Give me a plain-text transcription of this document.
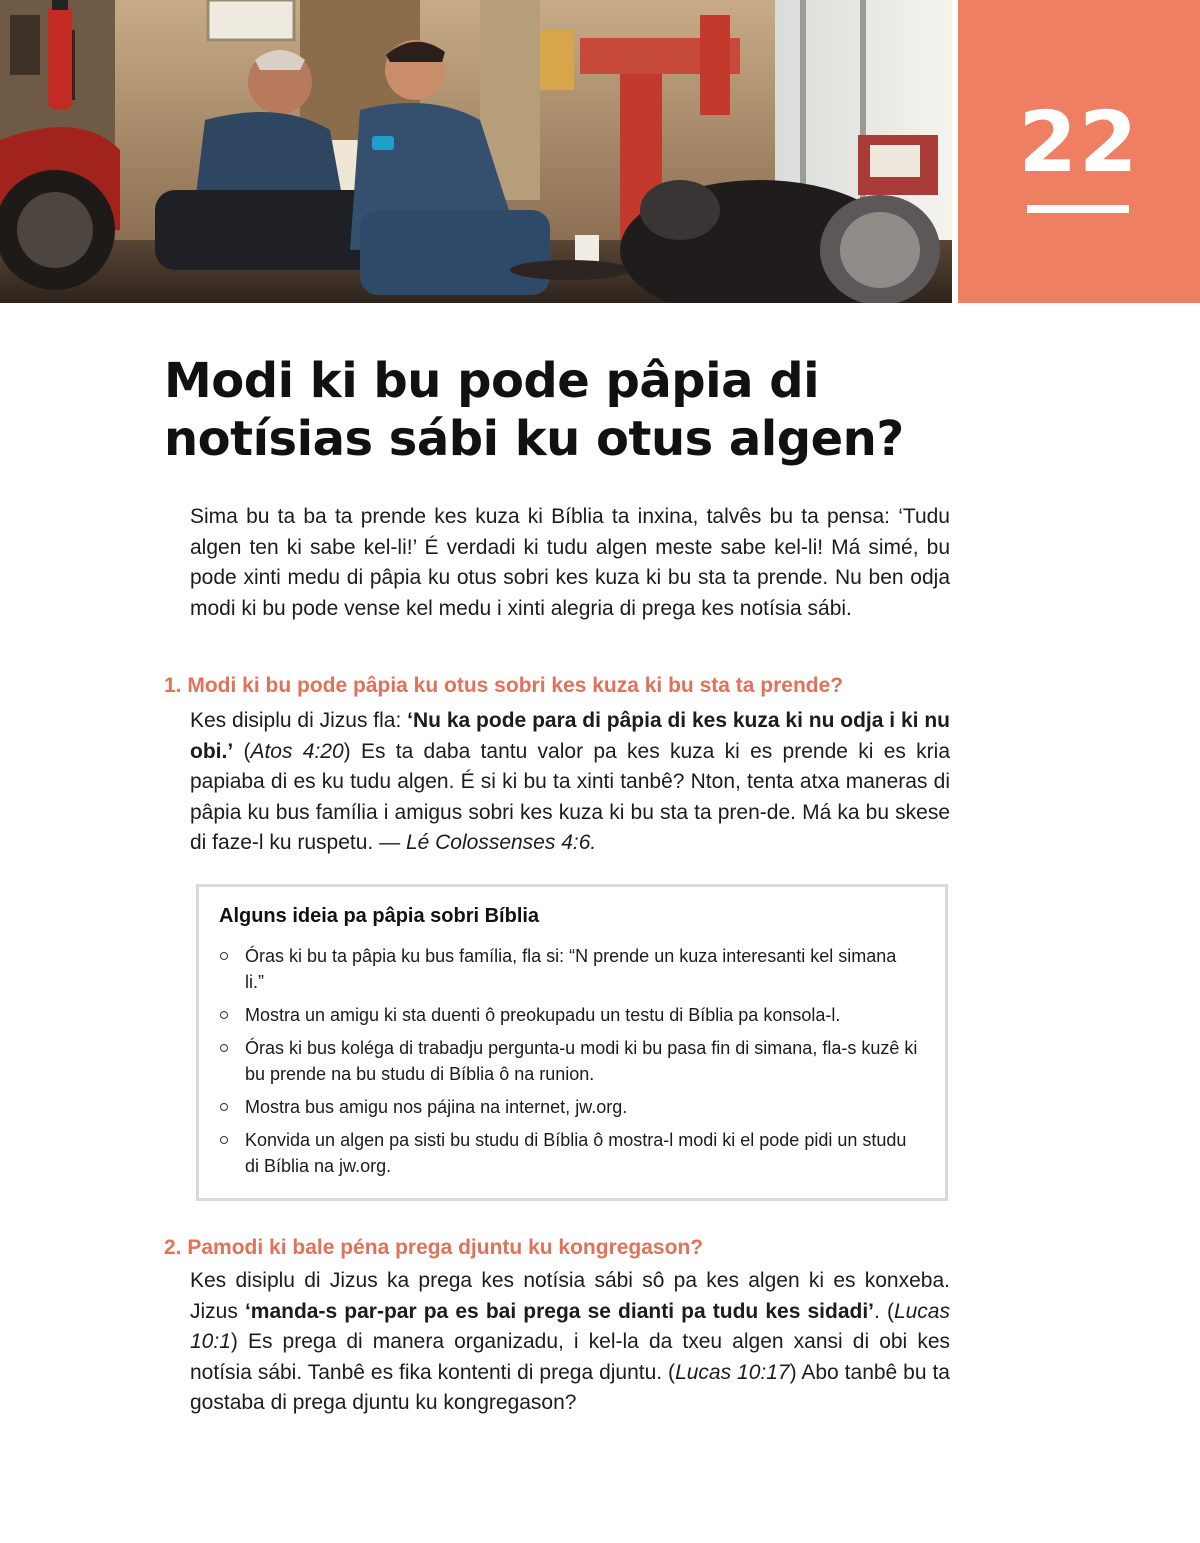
22
Modi ki bu pode pâpia di notísias sábi ku otus algen?

Sima bu ta ba ta prende kes kuza ki Bíblia ta inxina, talvês bu ta pensa: ‘Tudu algen ten ki sabe kel-li!’ É verdadi ki tudu algen meste sabe kel-li! Má simé, bu pode xinti medu di pâpia ku otus sobri kes kuza ki bu sta ta prende. Nu ben odja modi ki bu pode vense kel medu i xinti alegria di prega kes notísia sábi.

1. Modi ki bu pode pâpia ku otus sobri kes kuza ki bu sta ta prende?

Kes disiplu di Jizus fla: ‘Nu ka pode para di pâpia di kes kuza ki nu odja i ki nu obi.’ (Atos 4:20) Es ta daba tantu valor pa kes kuza ki es prende ki es kria papiaba di es ku tudu algen. É si ki bu ta xinti tanbê? Nton, tenta atxa maneras di pâpia ku bus família i amigus sobri kes kuza ki bu sta ta pren-de. Má ka bu skese di faze-l ku ruspetu. — Lé Colossenses 4:6.

Alguns ideia pa pâpia sobri Bíblia
Óras ki bu ta pâpia ku bus família, fla si: “N prende un kuza interesanti kel simana li.”
Mostra un amigu ki sta duenti ô preokupadu un testu di Bíblia pa konsola-l.
Óras ki bus koléga di trabadju pergunta-u modi ki bu pasa fin di simana, fla-s kuzê ki bu prende na bu studu di Bíblia ô na runion.
Mostra bus amigu nos pájina na internet, jw.org.
Konvida un algen pa sisti bu studu di Bíblia ô mostra-l modi ki el pode pidi un studu di Bíblia na jw.org.
2. Pamodi ki bale péna prega djuntu ku kongregason?

Kes disiplu di Jizus ka prega kes notísia sábi sô pa kes algen ki es konxeba. Jizus ‘manda-s par-par pa es bai prega se dianti pa tudu kes sidadi’. (Lucas 10:1) Es prega di manera organizadu, i kel-la da txeu algen xansi di obi kes notísia sábi. Tanbê es fika kontenti di prega djuntu. (Lucas 10:17) Abo tanbê bu ta gostaba di prega djuntu ku kongregason?
